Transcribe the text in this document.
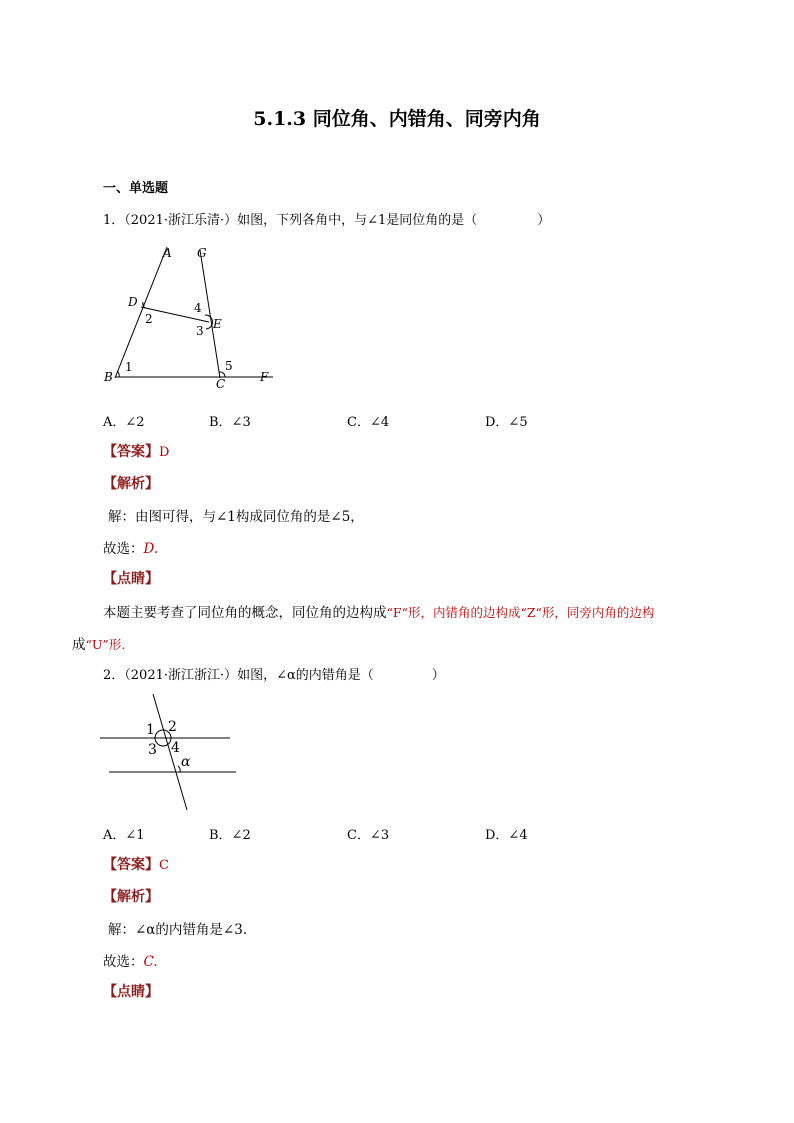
5.1.3 同位角、内错角、同旁内角
一、单选题
1．（2021·浙江乐清·）如图，下列各角中，与∠1是同位角的是（	）
A G
D
2
4
3 E
B
1	5
C	F
A．∠2	B．∠3	C．∠4	D．∠5
【答案】D
【解析】
解：由图可得，与∠1构成同位角的是∠5，
故选：D.
【点睛】
本题主要考查了同位角的概念，同位角的边构成“F“形，内错角的边构成“Z“形，同旁内角的边构
成“U”形.
2．（2021·浙江浙江·）如图，∠α的内错角是（	）
1 2
3 4
α
A．∠1	B．∠2	C．∠3	D．∠4
【答案】C
【解析】
解：∠α的内错角是∠3．
故选：C.
【点睛】
